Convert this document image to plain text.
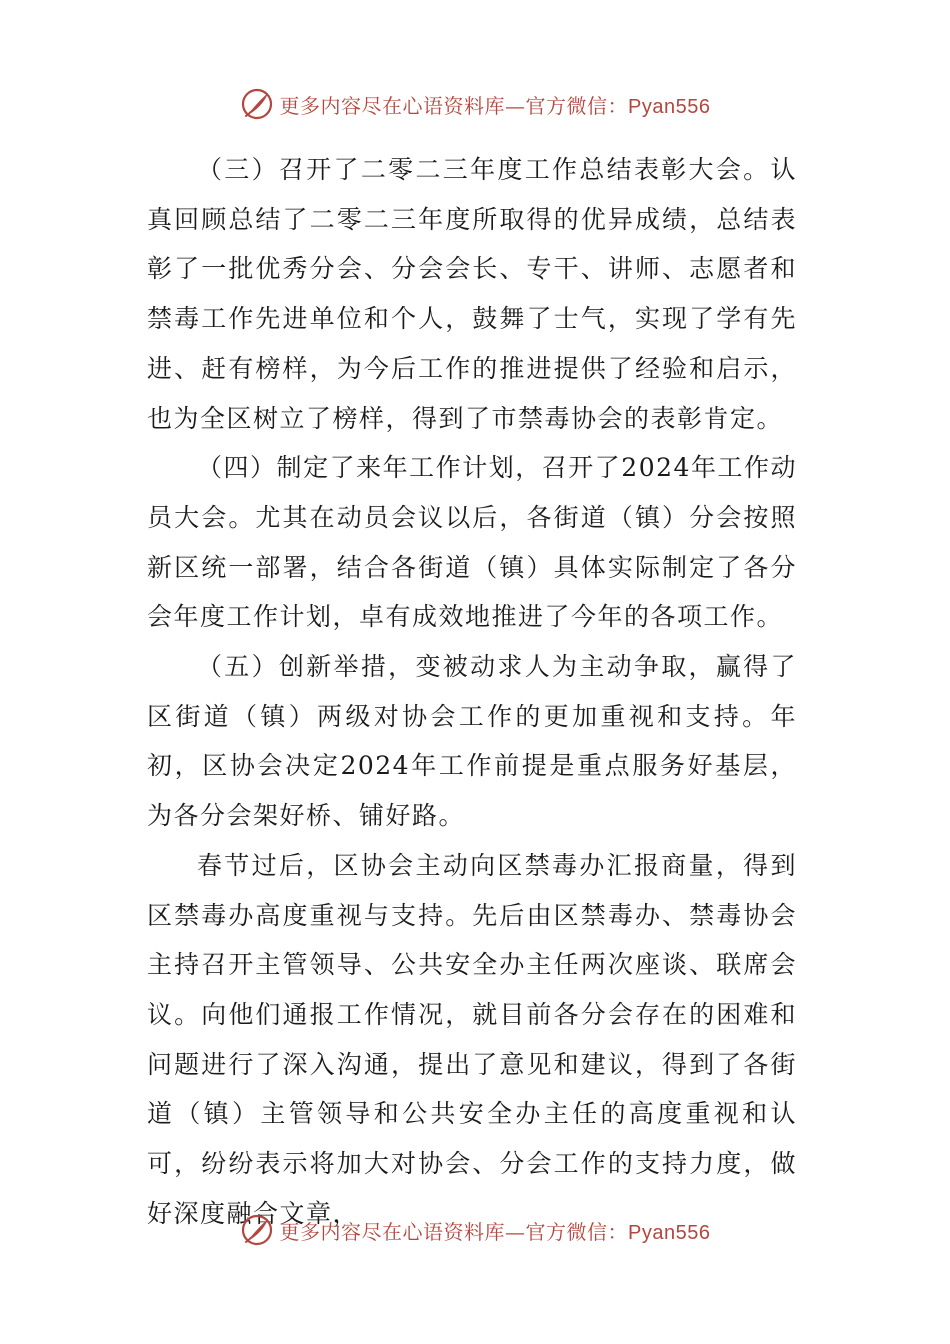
更多内容尽在心语资料库—官方微信：Pyan556

（三）召开了二零二三年度工作总结表彰大会。认真回顾总结了二零二三年度所取得的优异成绩，总结表彰了一批优秀分会、分会会长、专干、讲师、志愿者和禁毒工作先进单位和个人，鼓舞了士气，实现了学有先进、赶有榜样，为今后工作的推进提供了经验和启示，也为全区树立了榜样，得到了市禁毒协会的表彰肯定。

（四）制定了来年工作计划，召开了2024年工作动员大会。尤其在动员会议以后，各街道（镇）分会按照新区统一部署，结合各街道（镇）具体实际制定了各分会年度工作计划，卓有成效地推进了今年的各项工作。

（五）创新举措，变被动求人为主动争取，赢得了区街道（镇）两级对协会工作的更加重视和支持。年初，区协会决定2024年工作前提是重点服务好基层，为各分会架好桥、铺好路。

春节过后，区协会主动向区禁毒办汇报商量，得到区禁毒办高度重视与支持。先后由区禁毒办、禁毒协会主持召开主管领导、公共安全办主任两次座谈、联席会议。向他们通报工作情况，就目前各分会存在的困难和问题进行了深入沟通，提出了意见和建议，得到了各街道（镇）主管领导和公共安全办主任的高度重视和认可，纷纷表示将加大对协会、分会工作的支持力度，做好深度融合文章，

更多内容尽在心语资料库—官方微信：Pyan556
